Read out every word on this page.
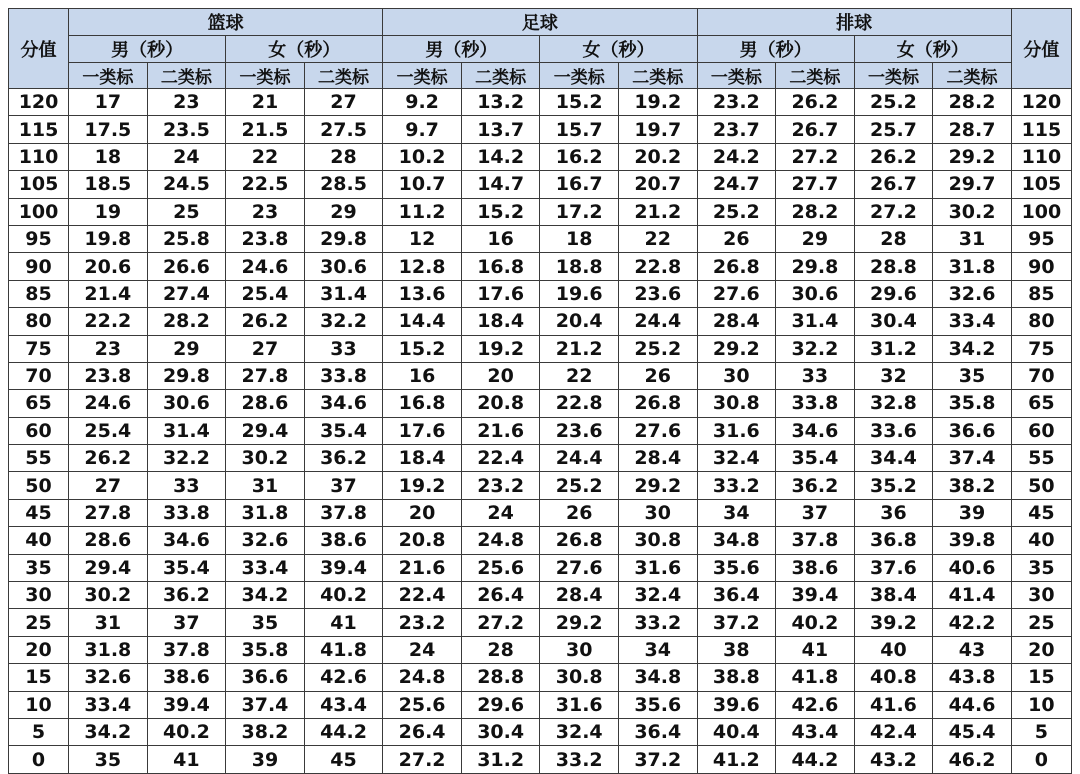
分值	篮球				足球				排球				分值
	男（秒）		女（秒）		男（秒）		女（秒）		男（秒）		女（秒）		
	一类标	二类标	一类标	二类标	一类标	二类标	一类标	二类标	一类标	二类标	一类标	二类标	
120	17	23	21	27	9.2	13.2	15.2	19.2	23.2	26.2	25.2	28.2	120
115	17.5	23.5	21.5	27.5	9.7	13.7	15.7	19.7	23.7	26.7	25.7	28.7	115
110	18	24	22	28	10.2	14.2	16.2	20.2	24.2	27.2	26.2	29.2	110
105	18.5	24.5	22.5	28.5	10.7	14.7	16.7	20.7	24.7	27.7	26.7	29.7	105
100	19	25	23	29	11.2	15.2	17.2	21.2	25.2	28.2	27.2	30.2	100
95	19.8	25.8	23.8	29.8	12	16	18	22	26	29	28	31	95
90	20.6	26.6	24.6	30.6	12.8	16.8	18.8	22.8	26.8	29.8	28.8	31.8	90
85	21.4	27.4	25.4	31.4	13.6	17.6	19.6	23.6	27.6	30.6	29.6	32.6	85
80	22.2	28.2	26.2	32.2	14.4	18.4	20.4	24.4	28.4	31.4	30.4	33.4	80
75	23	29	27	33	15.2	19.2	21.2	25.2	29.2	32.2	31.2	34.2	75
70	23.8	29.8	27.8	33.8	16	20	22	26	30	33	32	35	70
65	24.6	30.6	28.6	34.6	16.8	20.8	22.8	26.8	30.8	33.8	32.8	35.8	65
60	25.4	31.4	29.4	35.4	17.6	21.6	23.6	27.6	31.6	34.6	33.6	36.6	60
55	26.2	32.2	30.2	36.2	18.4	22.4	24.4	28.4	32.4	35.4	34.4	37.4	55
50	27	33	31	37	19.2	23.2	25.2	29.2	33.2	36.2	35.2	38.2	50
45	27.8	33.8	31.8	37.8	20	24	26	30	34	37	36	39	45
40	28.6	34.6	32.6	38.6	20.8	24.8	26.8	30.8	34.8	37.8	36.8	39.8	40
35	29.4	35.4	33.4	39.4	21.6	25.6	27.6	31.6	35.6	38.6	37.6	40.6	35
30	30.2	36.2	34.2	40.2	22.4	26.4	28.4	32.4	36.4	39.4	38.4	41.4	30
25	31	37	35	41	23.2	27.2	29.2	33.2	37.2	40.2	39.2	42.2	25
20	31.8	37.8	35.8	41.8	24	28	30	34	38	41	40	43	20
15	32.6	38.6	36.6	42.6	24.8	28.8	30.8	34.8	38.8	41.8	40.8	43.8	15
10	33.4	39.4	37.4	43.4	25.6	29.6	31.6	35.6	39.6	42.6	41.6	44.6	10
5	34.2	40.2	38.2	44.2	26.4	30.4	32.4	36.4	40.4	43.4	42.4	45.4	5
0	35	41	39	45	27.2	31.2	33.2	37.2	41.2	44.2	43.2	46.2	0
